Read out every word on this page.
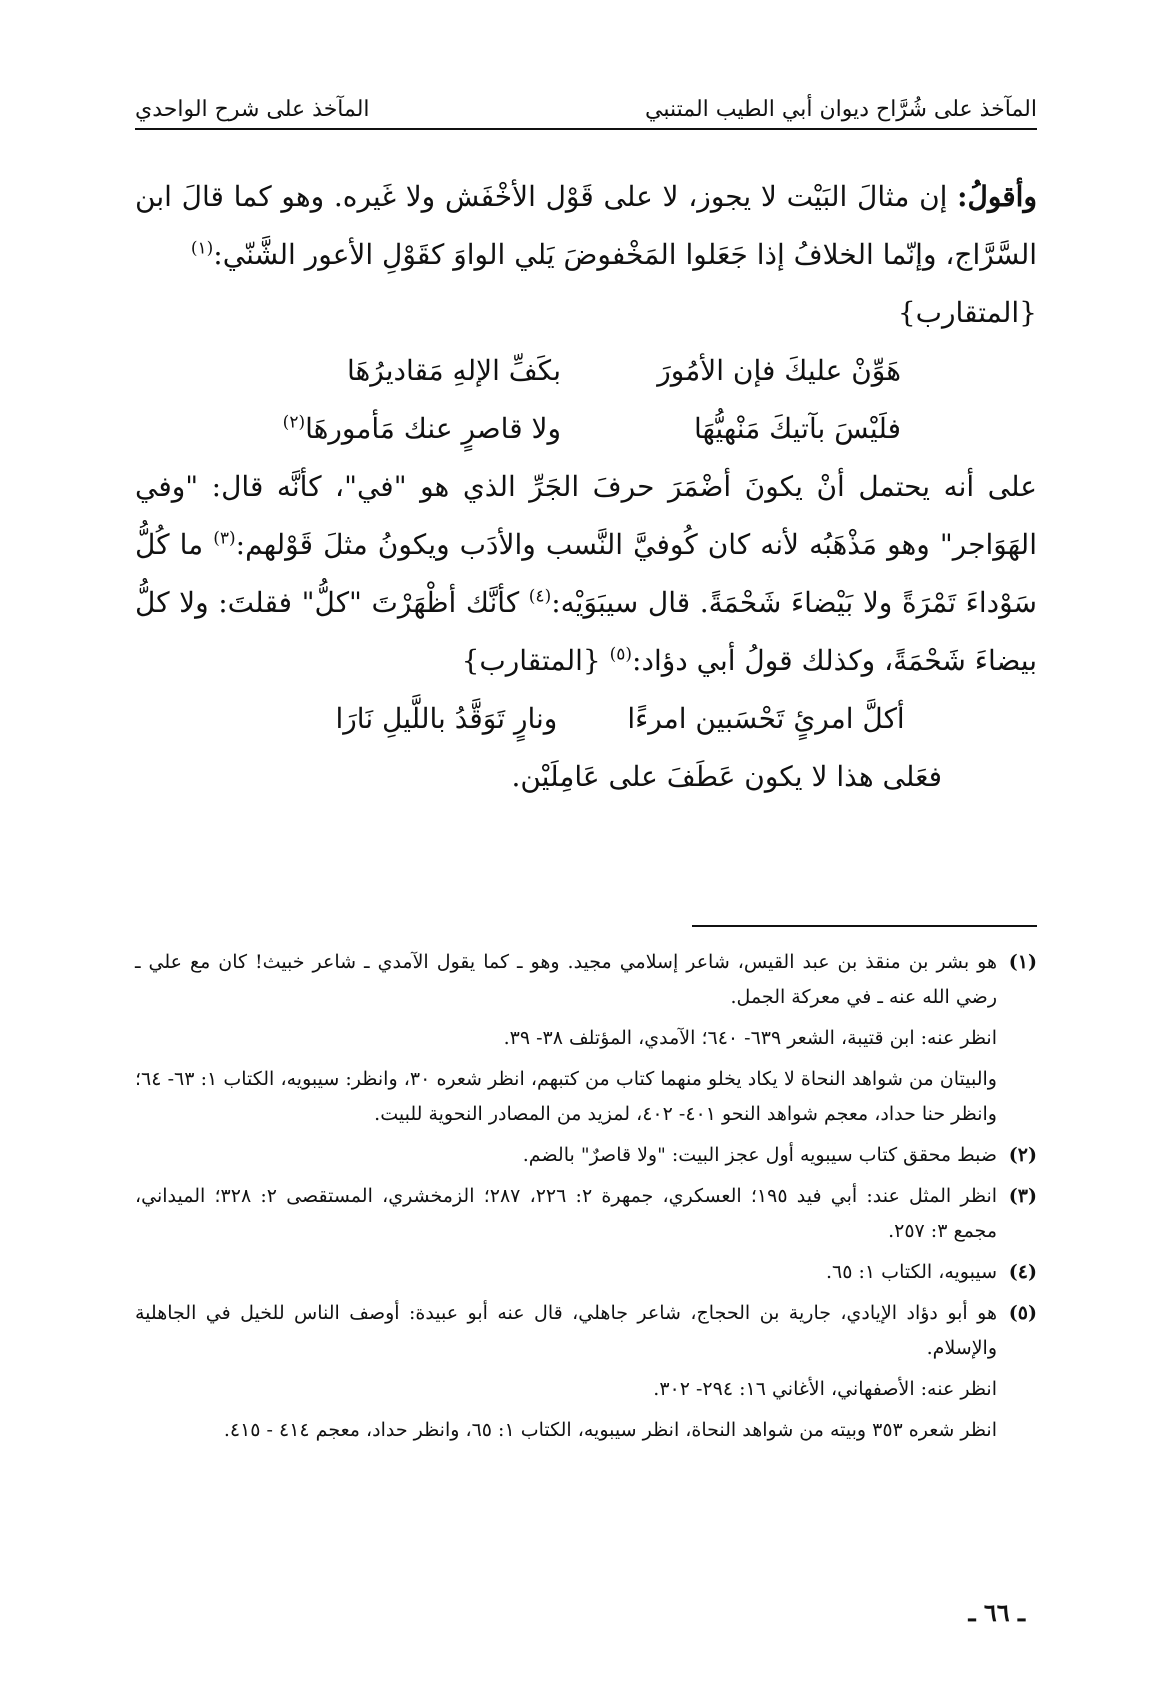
المآخذ على شُرَّاح ديوان أبي الطيب المتنبي
المآخذ على شرح الواحدي

وأقولُ: إن مثالَ البَيْت لا يجوز، لا على قَوْل الأخْفَش ولا غَيره. وهو كما قالَ ابن السَّرَّاج، وإنّما الخلافُ إذا جَعَلوا المَخْفوضَ يَلي الواوَ كقَوْلِ الأعور الشَّنّي:$^{(١)}$

{المتقارب}

هَوِّنْ عليكَ فإن الأمُورَ
بكَفِّ الإلهِ مَقاديرُهَا
فلَيْسَ بآتيكَ مَنْهيُّهَا
ولا قاصرٍ عنك مَأمورهَا$^{(٢)}$

على أنه يحتمل أنْ يكونَ أضْمَرَ حرفَ الجَرِّ الذي هو "في"، كأنَّه قال: "وفي الهَوَاجر" وهو مَذْهَبُه لأنه كان كُوفيَّ النَّسب والأدَب ويكونُ مثلَ قَوْلهم:$^{(٣)}$ ما كُلُّ سَوْداءَ تَمْرَةً ولا بَيْضاءَ شَحْمَةً. قال سيبَوَيْه:$^{(٤)}$ كأنَّك أظْهَرْتَ "كلُّ" فقلتَ: ولا كلُّ بيضاءَ شَحْمَةً، وكذلك قولُ أبي دؤاد:$^{(٥)}$ {المتقارب}

أكلَّ امرئٍ تَحْسَبين امرءًا
ونارٍ تَوَقَّدُ باللَّيلِ نَارَا

فعَلى هذا لا يكون عَطَفَ على عَامِلَيْن.

(١)هو بشر بن منقذ بن عبد القيس، شاعر إسلامي مجيد. وهو ـ كما يقول الآمدي ـ شاعر خبيث! كان مع علي ـ رضي الله عنه ـ في معركة الجمل.

انظر عنه: ابن قتيبة، الشعر ٦٣٩- ٦٤٠؛ الآمدي، المؤتلف ٣٨- ٣٩.

والبيتان من شواهد النحاة لا يكاد يخلو منهما كتاب من كتبهم، انظر شعره ٣٠، وانظر: سيبويه، الكتاب ١: ٦٣- ٦٤؛ وانظر حنا حداد، معجم شواهد النحو ٤٠١- ٤٠٢، لمزيد من المصادر النحوية للبيت.

(٢)ضبط محقق كتاب سيبويه أول عجز البيت: "ولا قاصرٌ" بالضم.

(٣)انظر المثل عند: أبي فيد ١٩٥؛ العسكري، جمهرة ٢: ٢٢٦، ٢٨٧؛ الزمخشري، المستقصى ٢: ٣٢٨؛ الميداني، مجمع ٣: ٢٥٧.

(٤)سيبويه، الكتاب ١: ٦٥.

(٥)هو أبو دؤاد الإيادي، جارية بن الحجاج، شاعر جاهلي، قال عنه أبو عبيدة: أوصف الناس للخيل في الجاهلية والإسلام.

انظر عنه: الأصفهاني، الأغاني ١٦: ٢٩٤- ٣٠٢.

انظر شعره ٣٥٣ وبيته من شواهد النحاة، انظر سيبويه، الكتاب ١: ٦٥، وانظر حداد، معجم ٤١٤ - ٤١٥.

ـ ٦٦ ـ
